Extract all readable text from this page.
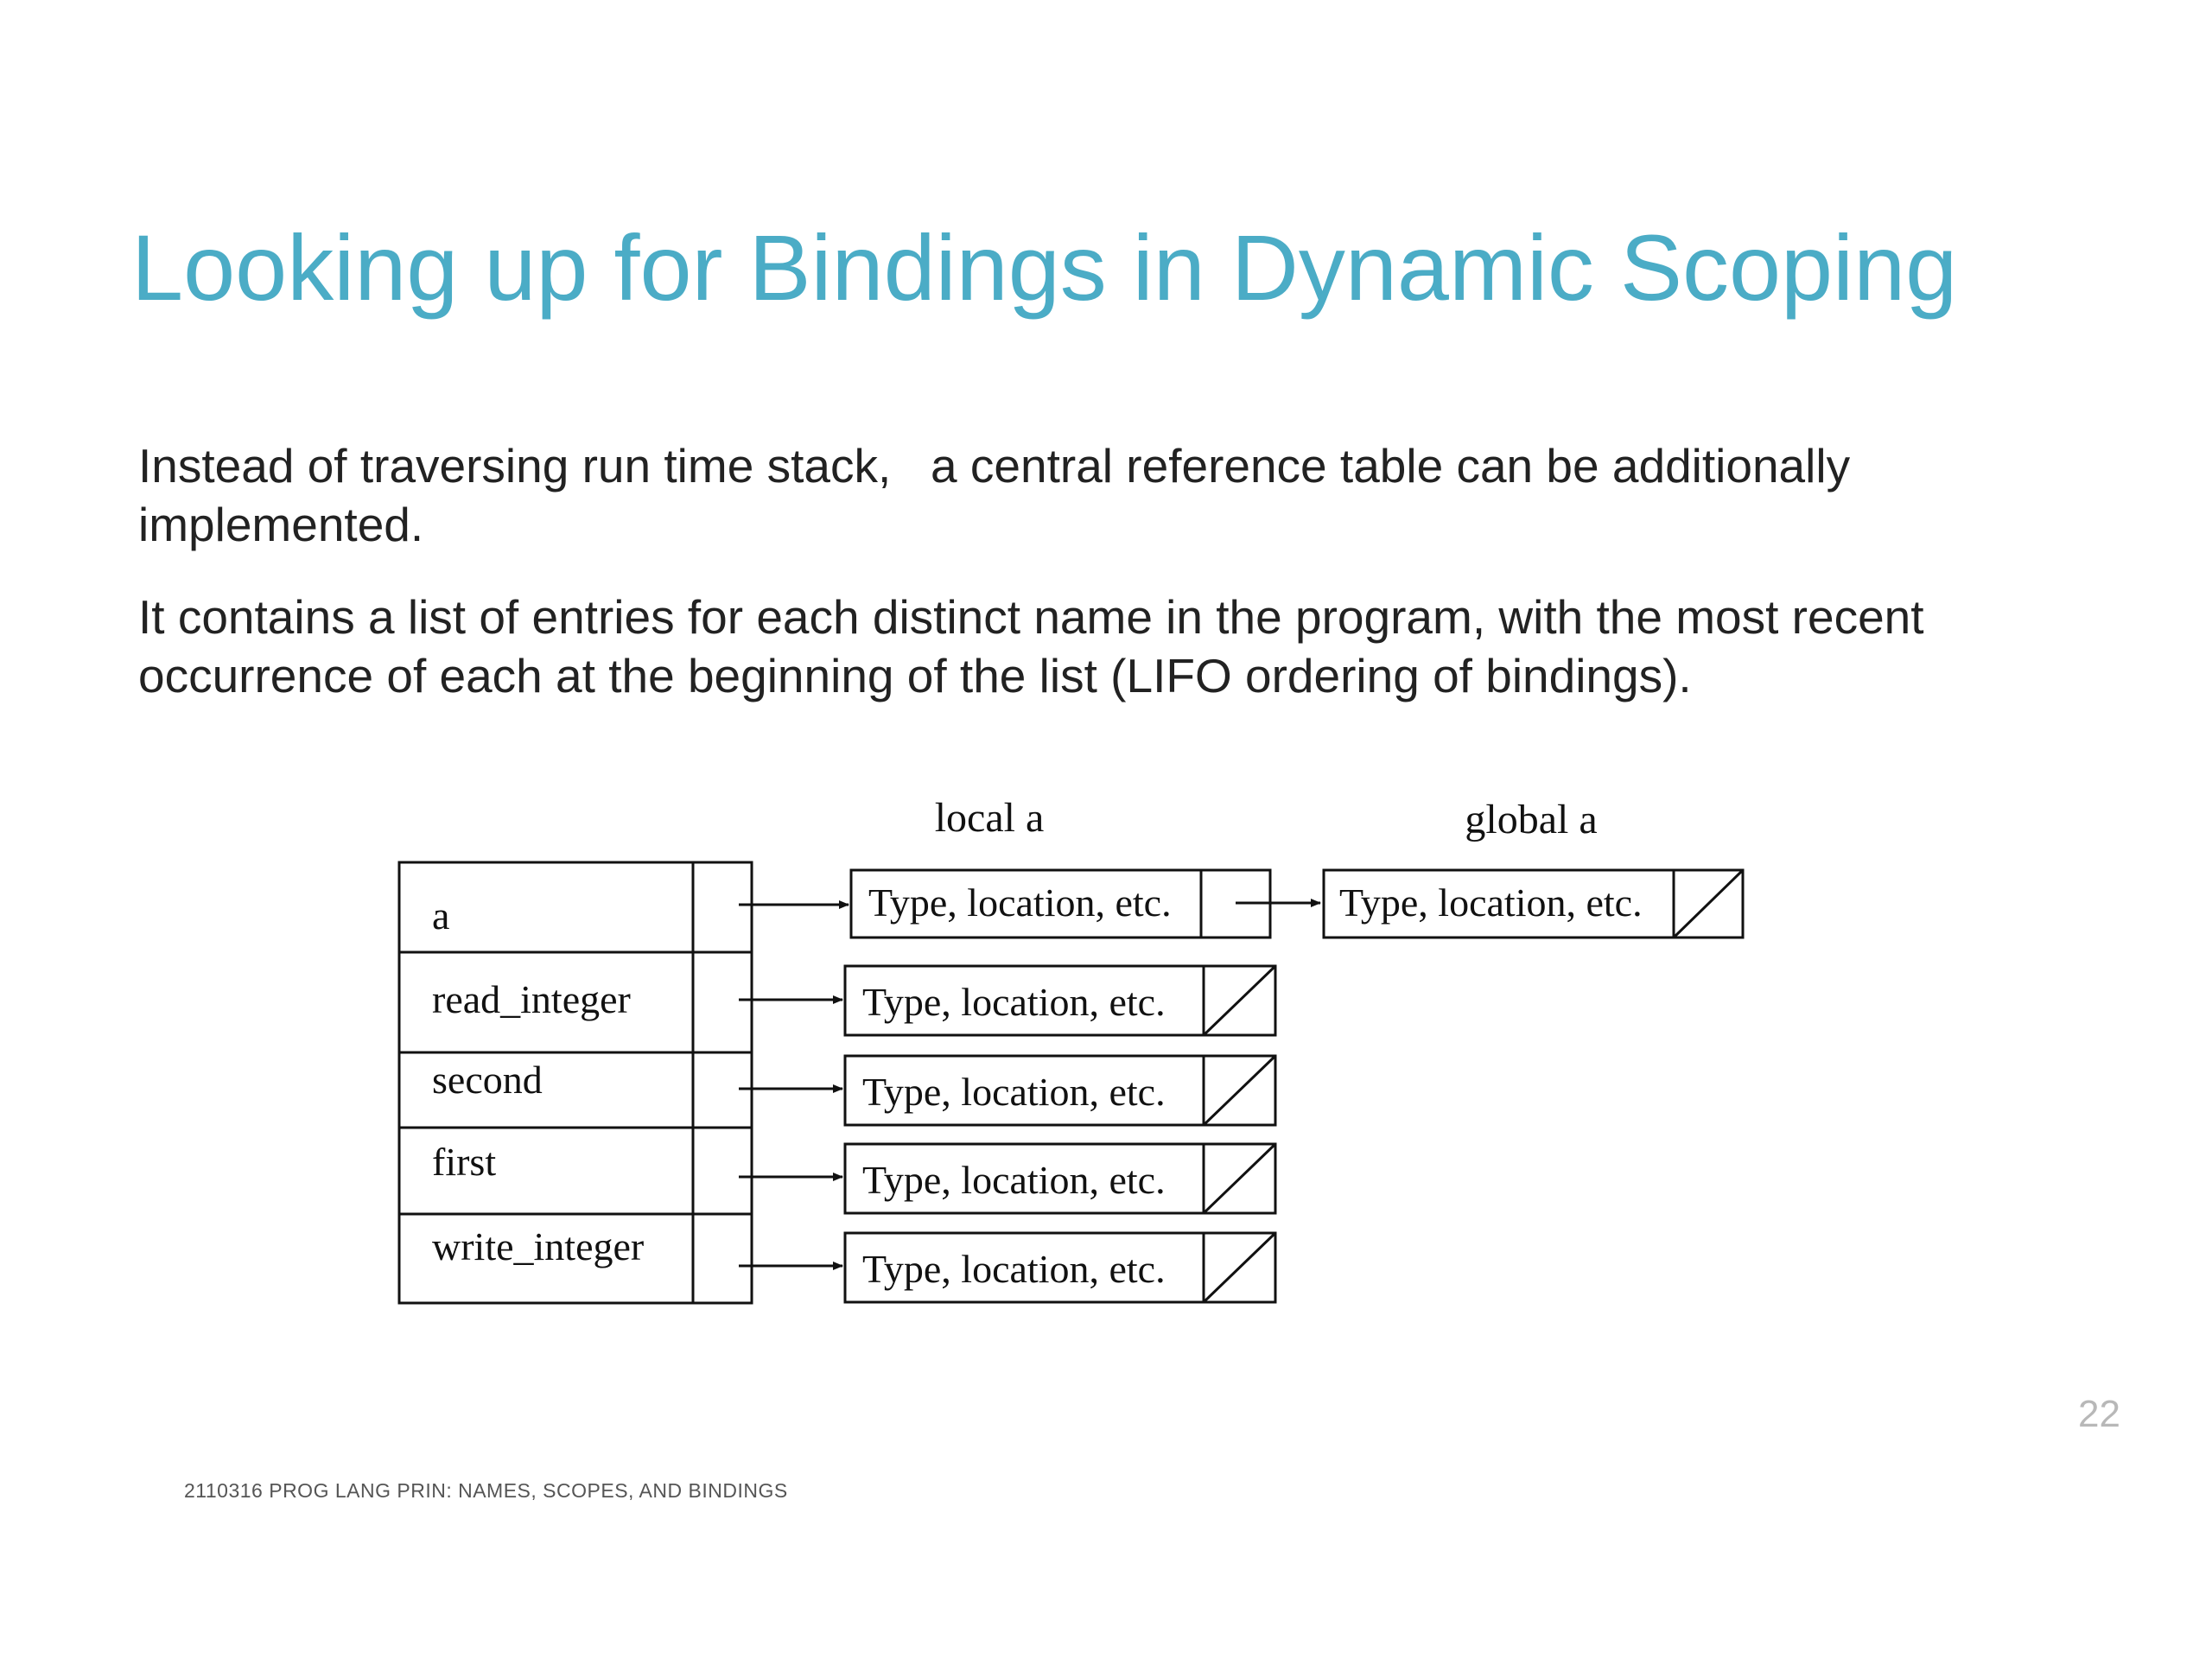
Looking up for Bindings in Dynamic Scoping
Instead of traversing run time stack,   a central reference table can be additionally implemented.
It contains a list of entries for each distinct name in the program, with the most recent occurrence of each at the beginning of the list (LIFO ordering of bindings).
local a	global a
a
read_integer
second
first
write_integer
Type, location, etc.	Type, location, etc.
Type, location, etc.
Type, location, etc.
Type, location, etc.
Type, location, etc.
22
2110316 PROG LANG PRIN: NAMES, SCOPES, AND BINDINGS
